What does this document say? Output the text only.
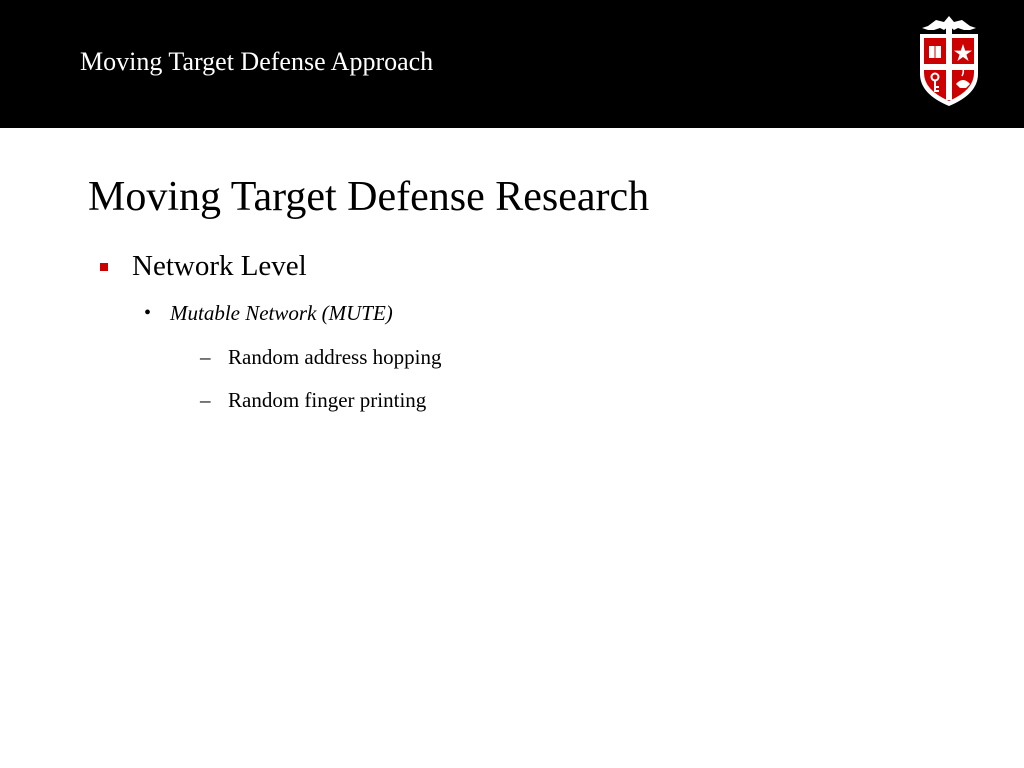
Moving Target Defense Approach
Moving Target Defense Research
Network Level
• Mutable Network (MUTE)
– Random address hopping
– Random finger printing
